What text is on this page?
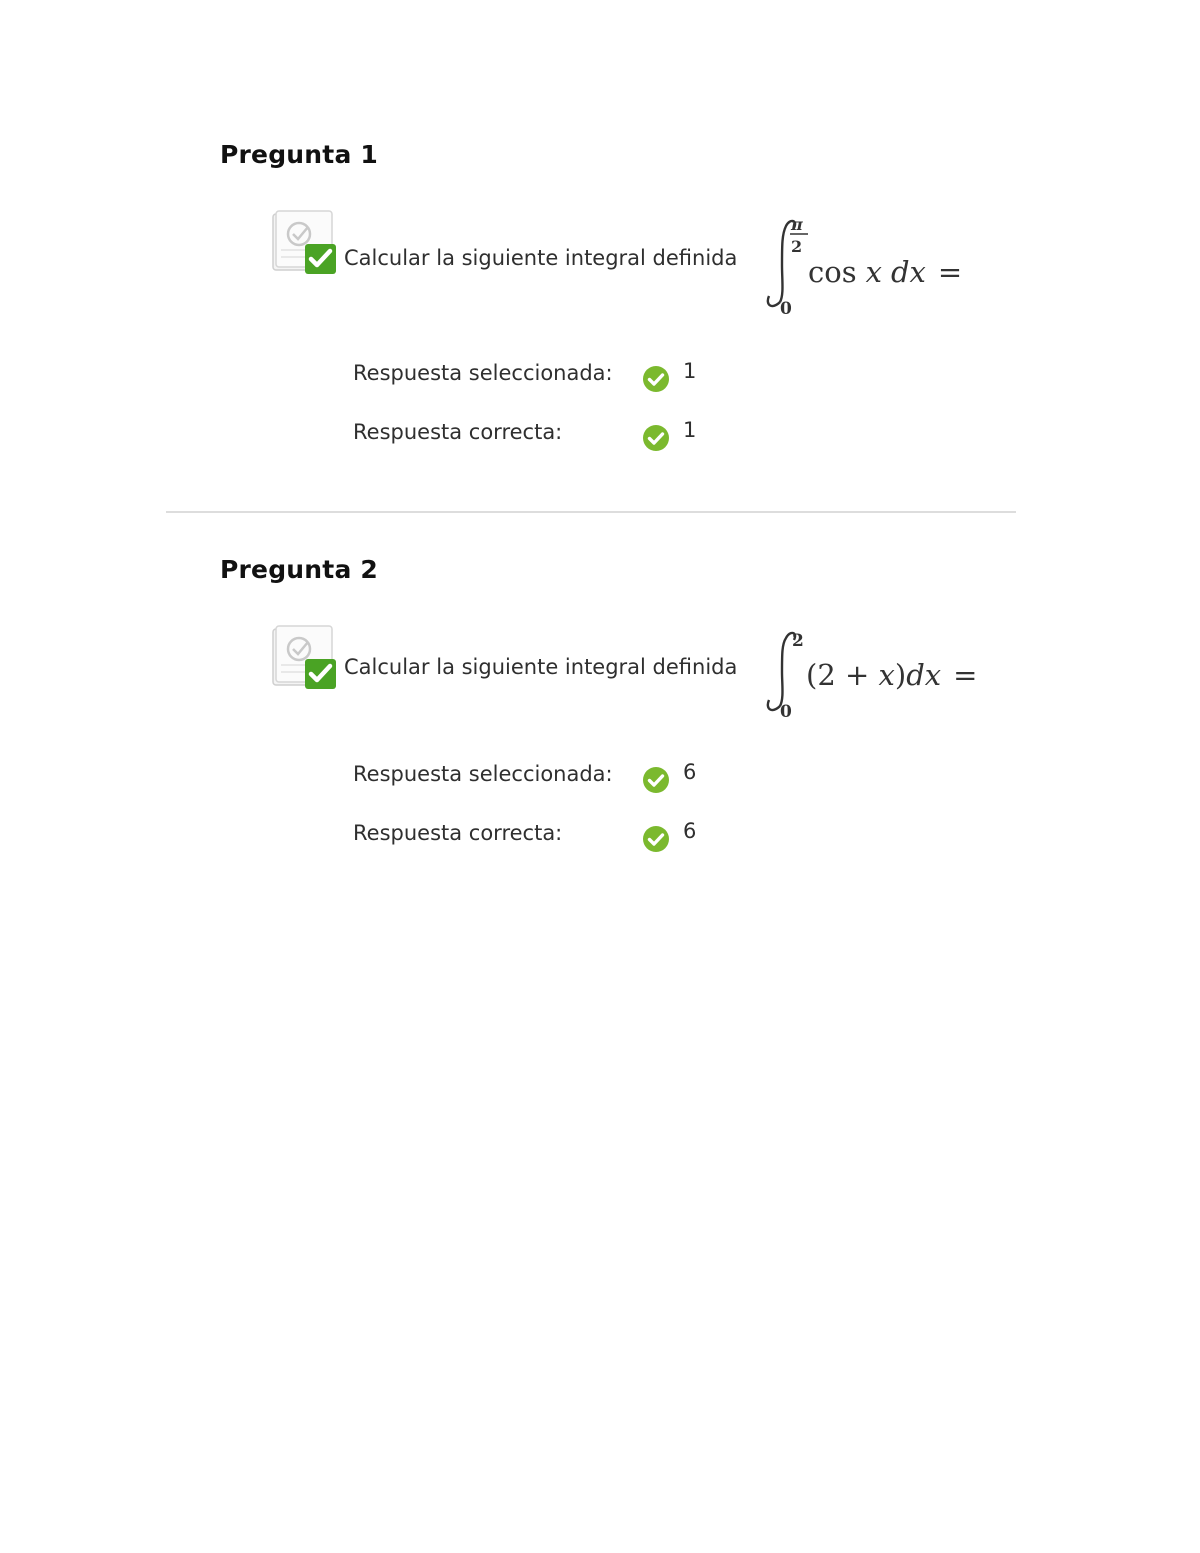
Pregunta 1
Calcular la siguiente integral definida
0
π
2
cos x dx =
Respuesta seleccionada:	1
Respuesta correcta:	1
Pregunta 2
Calcular la siguiente integral definida
0
2
(2 + x)dx =
Respuesta seleccionada:	6
Respuesta correcta:	6
